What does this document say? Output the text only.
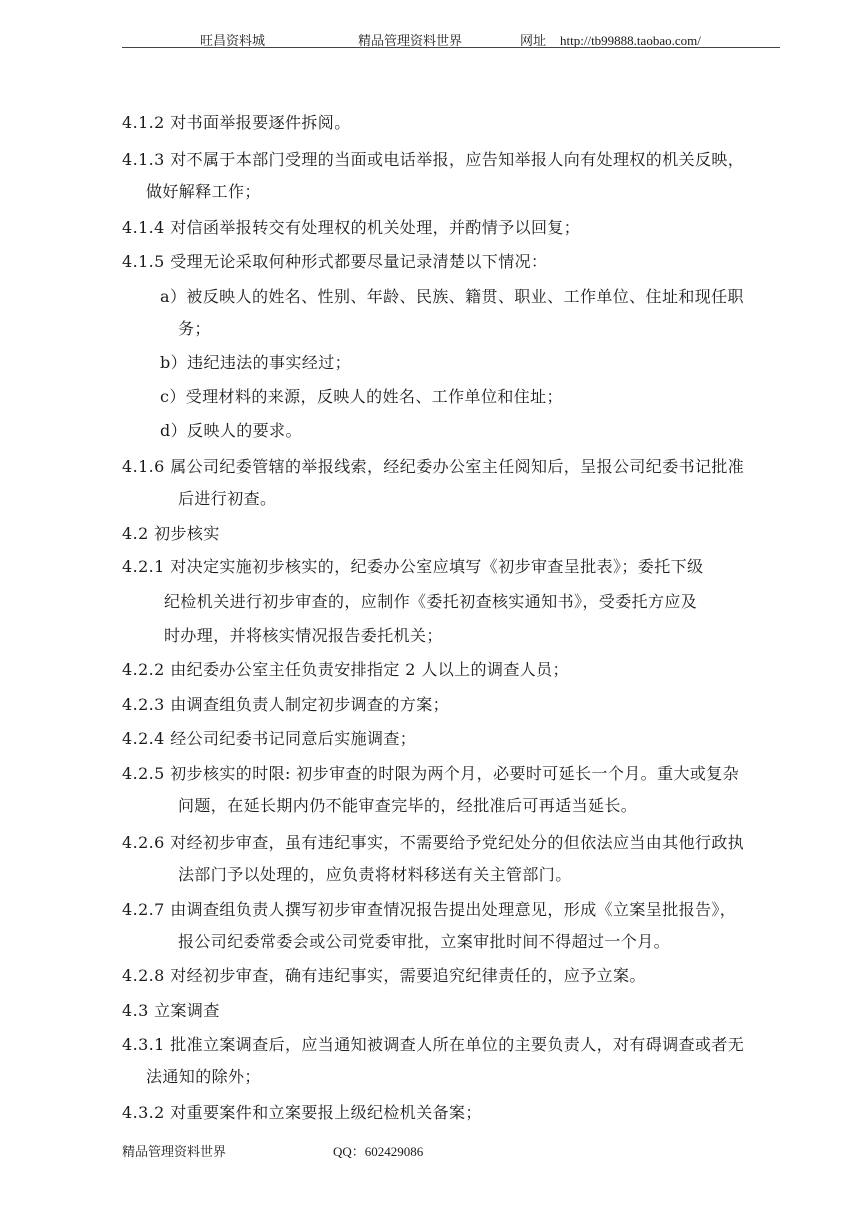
旺昌资料城	精品管理资料世界	网址 http://tb99888.taobao.com/
4.1.2 对书面举报要逐件拆阅。
4.1.3 对不属于本部门受理的当面或电话举报，应告知举报人向有处理权的机关反映，
做好解释工作；
4.1.4 对信函举报转交有处理权的机关处理，并酌情予以回复；
4.1.5 受理无论采取何种形式都要尽量记录清楚以下情况：
a）被反映人的姓名、性别、年龄、民族、籍贯、职业、工作单位、住址和现任职
务；
b）违纪违法的事实经过；
c）受理材料的来源，反映人的姓名、工作单位和住址；
d）反映人的要求。
4.1.6 属公司纪委管辖的举报线索，经纪委办公室主任阅知后，呈报公司纪委书记批准
后进行初查。
4.2 初步核实
4.2.1 对决定实施初步核实的，纪委办公室应填写《初步审查呈批表》；委托下级
纪检机关进行初步审查的，应制作《委托初查核实通知书》，受委托方应及
时办理，并将核实情况报告委托机关；
4.2.2 由纪委办公室主任负责安排指定 2 人以上的调查人员；
4.2.3 由调查组负责人制定初步调查的方案；
4.2.4 经公司纪委书记同意后实施调查；
4.2.5 初步核实的时限: 初步审查的时限为两个月，必要时可延长一个月。重大或复杂
问题，在延长期内仍不能审查完毕的，经批准后可再适当延长。
4.2.6 对经初步审查，虽有违纪事实，不需要给予党纪处分的但依法应当由其他行政执
法部门予以处理的，应负责将材料移送有关主管部门。
4.2.7 由调查组负责人撰写初步审查情况报告提出处理意见，形成《立案呈批报告》，
报公司纪委常委会或公司党委审批，立案审批时间不得超过一个月。
4.2.8 对经初步审查，确有违纪事实，需要追究纪律责任的，应予立案。
4.3 立案调查
4.3.1 批准立案调查后，应当通知被调查人所在单位的主要负责人，对有碍调查或者无
法通知的除外；
4.3.2 对重要案件和立案要报上级纪检机关备案；
精品管理资料世界	QQ：602429086
